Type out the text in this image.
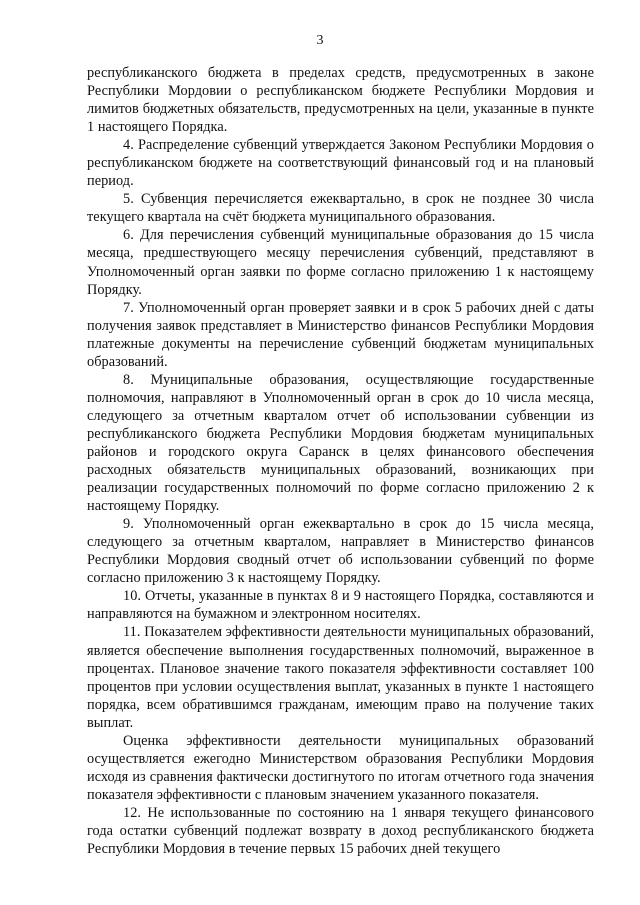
3

республиканского бюджета в пределах средств, предусмотренных в законе Республики Мордовии о республиканском бюджете Республики Мордовия и лимитов бюджетных обязательств, предусмотренных на цели, указанные в пункте 1 настоящего Порядка.

4. Распределение субвенций утверждается Законом Республики Мордовия о республиканском бюджете на соответствующий финансовый год и на плановый период.

5. Субвенция перечисляется ежеквартально, в срок не позднее 30 числа текущего квартала на счёт бюджета муниципального образования.

6. Для перечисления субвенций муниципальные образования до 15 числа месяца, предшествующего месяцу перечисления субвенций, представляют в Уполномоченный орган заявки по форме согласно приложению 1 к настоящему Порядку.

7. Уполномоченный орган проверяет заявки и в срок 5 рабочих дней с даты получения заявок представляет в Министерство финансов Республики Мордовия платежные документы на перечисление субвенций бюджетам муниципальных образований.

8. Муниципальные образования, осуществляющие государственные полномочия, направляют в Уполномоченный орган в срок до 10 числа месяца, следующего за отчетным кварталом отчет об использовании субвенции из республиканского бюджета Республики Мордовия бюджетам муниципальных районов и городского округа Саранск в целях финансового обеспечения расходных обязательств муниципальных образований, возникающих при реализации государственных полномочий по форме согласно приложению 2 к настоящему Порядку.

9. Уполномоченный орган ежеквартально в срок до 15 числа месяца, следующего за отчетным кварталом, направляет в Министерство финансов Республики Мордовия сводный отчет об использовании субвенций по форме согласно приложению 3 к настоящему Порядку.

10. Отчеты, указанные в пунктах 8 и 9 настоящего Порядка, составляются и направляются на бумажном и электронном носителях.

11. Показателем эффективности деятельности муниципальных образований, является обеспечение выполнения государственных полномочий, выраженное в процентах. Плановое значение такого показателя эффективности составляет 100 процентов при условии осуществления выплат, указанных в пункте 1 настоящего порядка, всем обратившимся гражданам, имеющим право на получение таких выплат.

Оценка эффективности деятельности муниципальных образований осуществляется ежегодно Министерством образования Республики Мордовия исходя из сравнения фактически достигнутого по итогам отчетного года значения показателя эффективности с плановым значением указанного показателя.

12. Не использованные по состоянию на 1 января текущего финансового года остатки субвенций подлежат возврату в доход республиканского бюджета Республики Мордовия в течение первых 15 рабочих дней текущего
